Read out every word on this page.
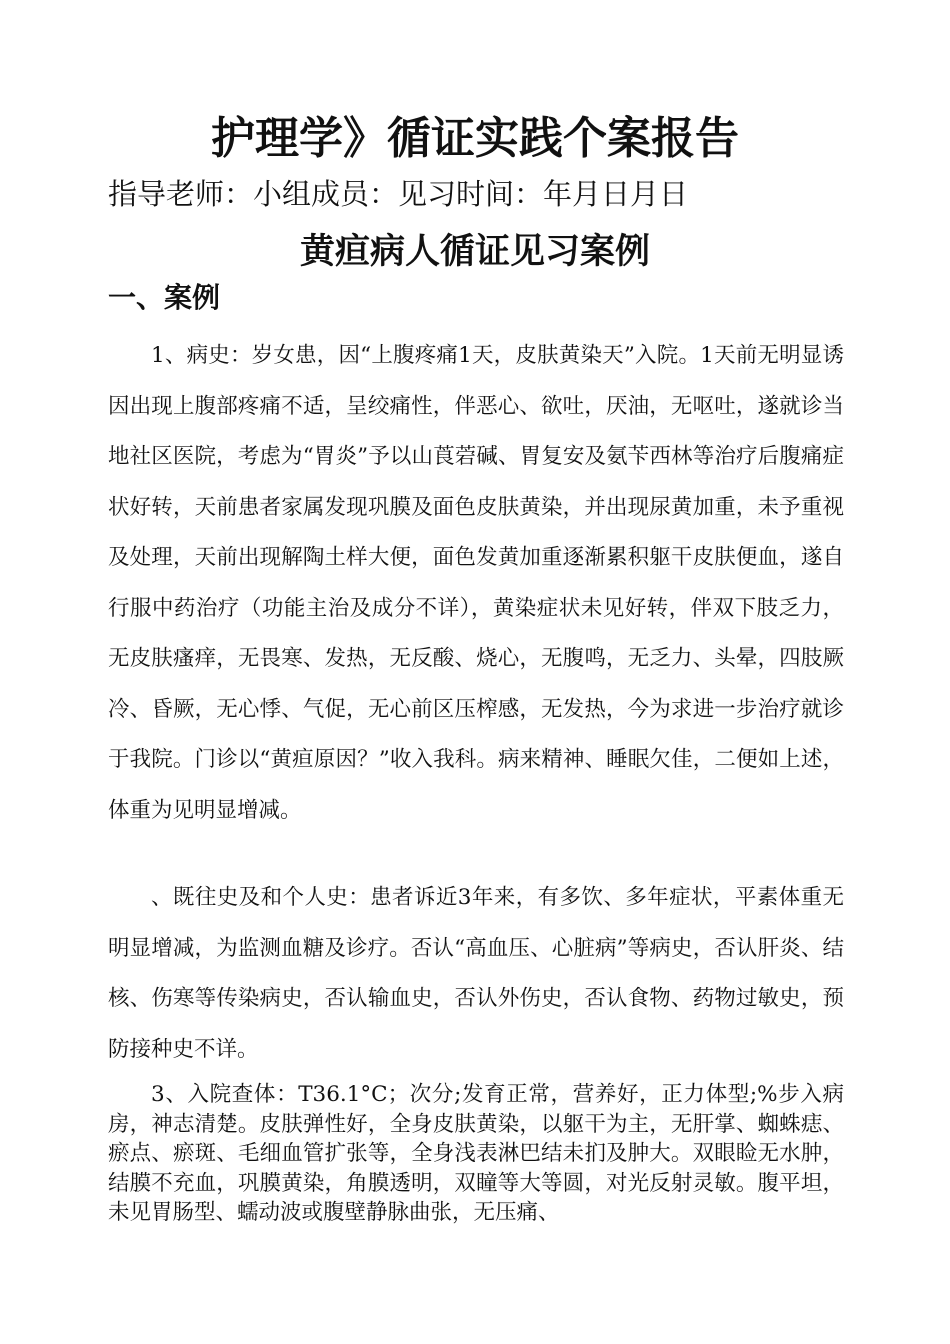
护理学》循证实践个案报告

指导老师：小组成员：见习时间：年月日月日

黄疸病人循证见习案例
一、案例

1、病史：岁女患，因“上腹疼痛1天，皮肤黄染天”入院。1天前无明显诱因出现上腹部疼痛不适，呈绞痛性，伴恶心、欲吐，厌油，无呕吐，遂就诊当地社区医院，考虑为“胃炎”予以山莨菪碱、胃复安及氨苄西林等治疗后腹痛症状好转，天前患者家属发现巩膜及面色皮肤黄染，并出现尿黄加重，未予重视及处理，天前出现解陶土样大便，面色发黄加重逐渐累积躯干皮肤便血，遂自行服中药治疗（功能主治及成分不详），黄染症状未见好转，伴双下肢乏力，无皮肤瘙痒，无畏寒、发热，无反酸、烧心，无腹鸣，无乏力、头晕，四肢厥冷、昏厥，无心悸、气促，无心前区压榨感，无发热，今为求进一步治疗就诊于我院。门诊以“黄疸原因？”收入我科。病来精神、睡眠欠佳，二便如上述，体重为见明显增减。

、既往史及和个人史：患者诉近3年来，有多饮、多年症状，平素体重无明显增减，为监测血糖及诊疗。否认“高血压、心脏病”等病史，否认肝炎、结核、伤寒等传染病史，否认输血史，否认外伤史，否认食物、药物过敏史，预防接种史不详。

3、入院查体：T36.1°C；次分;发育正常，营养好，正力体型;%步入病房，神志清楚。皮肤弹性好，全身皮肤黄染，以躯干为主，无肝掌、蜘蛛痣、瘀点、瘀斑、毛细血管扩张等，全身浅表淋巴结未扪及肿大。双眼睑无水肿，结膜不充血，巩膜黄染，角膜透明，双瞳等大等圆，对光反射灵敏。腹平坦，未见胃肠型、蠕动波或腹壁静脉曲张，无压痛、
